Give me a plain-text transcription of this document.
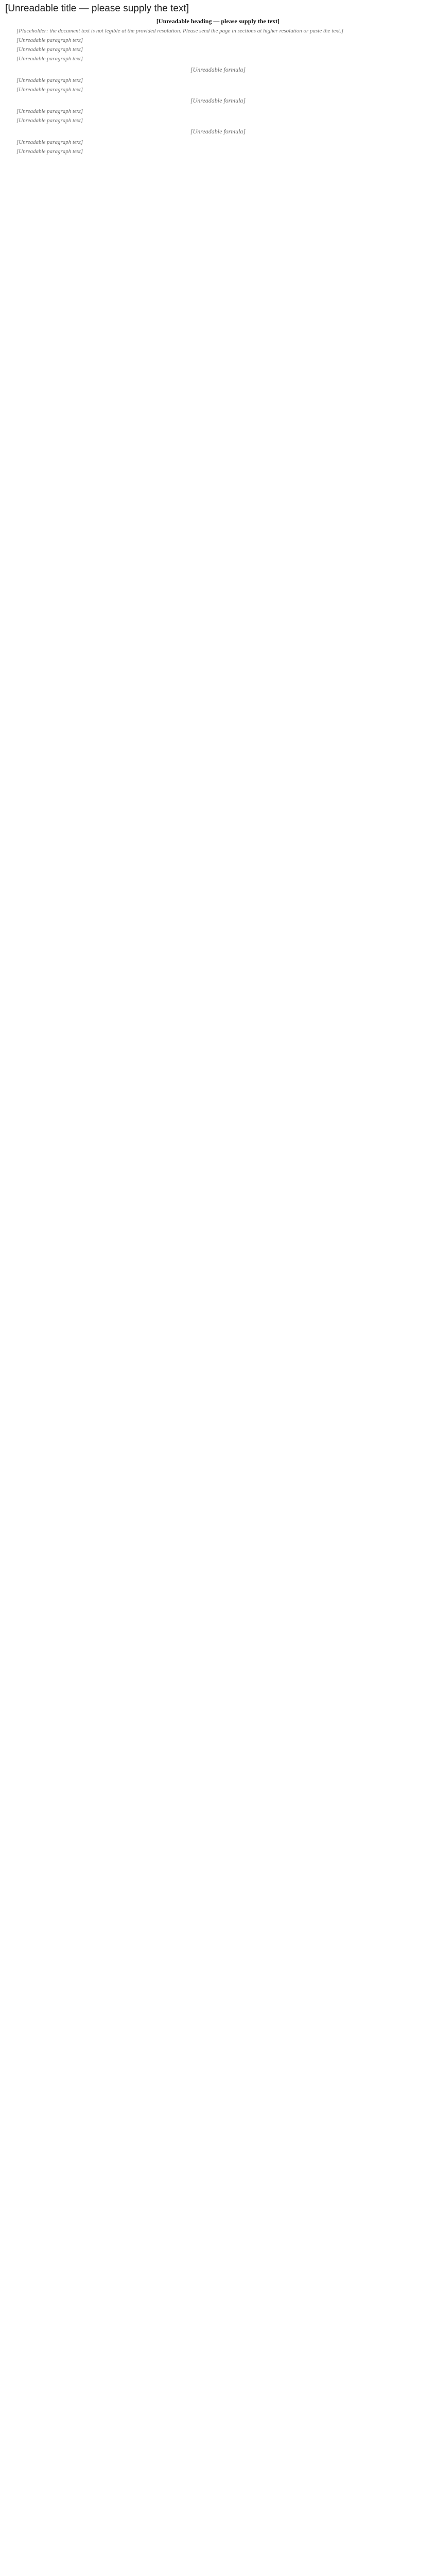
[Unreadable title — please supply the text]
[Unreadable heading — please supply the text]

[Placeholder: the document text is not legible at the provided resolution. Please send the page in sections at higher resolution or paste the text.]

[Unreadable paragraph text]

[Unreadable paragraph text]

[Unreadable paragraph text]

[Unreadable formula]

[Unreadable paragraph text]

[Unreadable paragraph text]

[Unreadable formula]

[Unreadable paragraph text]

[Unreadable paragraph text]

[Unreadable formula]

[Unreadable paragraph text]

[Unreadable paragraph text]
